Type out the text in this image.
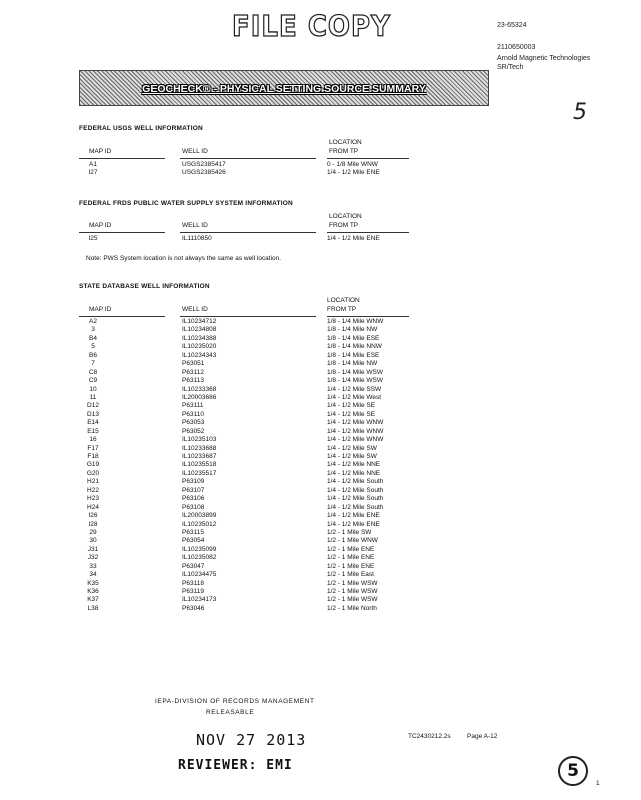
FILE COPY	23-65324
2110650003
Arnold Magnetic Technologies
SR/Tech
5
GEOCHECK® - PHYSICAL SETTING SOURCE SUMMARY
FEDERAL USGS WELL INFORMATION
LOCATION
MAP ID	WELL ID	FROM TP
A1	USGS2385417	0 - 1/8 Mile WNW
I27	USGS2385426	1/4 - 1/2 Mile ENE
FEDERAL FRDS PUBLIC WATER SUPPLY SYSTEM INFORMATION
LOCATION
MAP ID	WELL ID	FROM TP
I25	IL1110850	1/4 - 1/2 Mile ENE
Note: PWS System location is not always the same as well location.
STATE DATABASE WELL INFORMATION
LOCATION
MAP ID	WELL ID	FROM TP
A2	IL10234712	1/8 - 1/4 Mile WNW
3	IL10234808	1/8 - 1/4 Mile NW
B4	IL10234388	1/8 - 1/4 Mile ESE
5	IL10235020	1/8 - 1/4 Mile NNW
B6	IL10234343	1/8 - 1/4 Mile ESE
7	P63051	1/8 - 1/4 Mile NW
C8	P63112	1/8 - 1/4 Mile WSW
C9	P63113	1/8 - 1/4 Mile WSW
10	IL10233368	1/4 - 1/2 Mile SSW
11	IL20003686	1/4 - 1/2 Mile West
D12	P63111	1/4 - 1/2 Mile SE
D13	P63110	1/4 - 1/2 Mile SE
E14	P63053	1/4 - 1/2 Mile WNW
E15	P63052	1/4 - 1/2 Mile WNW
16	IL10235103	1/4 - 1/2 Mile WNW
F17	IL10233688	1/4 - 1/2 Mile SW
F18	IL10233687	1/4 - 1/2 Mile SW
G19	IL10235518	1/4 - 1/2 Mile NNE
G20	IL10235517	1/4 - 1/2 Mile NNE
H21	P63109	1/4 - 1/2 Mile South
H22	P63107	1/4 - 1/2 Mile South
H23	P63106	1/4 - 1/2 Mile South
H24	P63108	1/4 - 1/2 Mile South
I26	IL20003899	1/4 - 1/2 Mile ENE
I28	IL10235012	1/4 - 1/2 Mile ENE
29	P63115	1/2 - 1 Mile SW
30	P63054	1/2 - 1 Mile WNW
J31	IL10235099	1/2 - 1 Mile ENE
J32	IL10235082	1/2 - 1 Mile ENE
33	P63047	1/2 - 1 Mile ENE
34	IL10234475	1/2 - 1 Mile East
K35	P63118	1/2 - 1 Mile WSW
K36	P63119	1/2 - 1 Mile WSW
K37	IL10234173	1/2 - 1 Mile WSW
L38	P63046	1/2 - 1 Mile North
IEPA-DIVISION OF RECORDS MANAGEMENT
RELEASABLE
NOV 27 2013
REVIEWER: EMI
TC2430212.2s	Page A-12
5
1
